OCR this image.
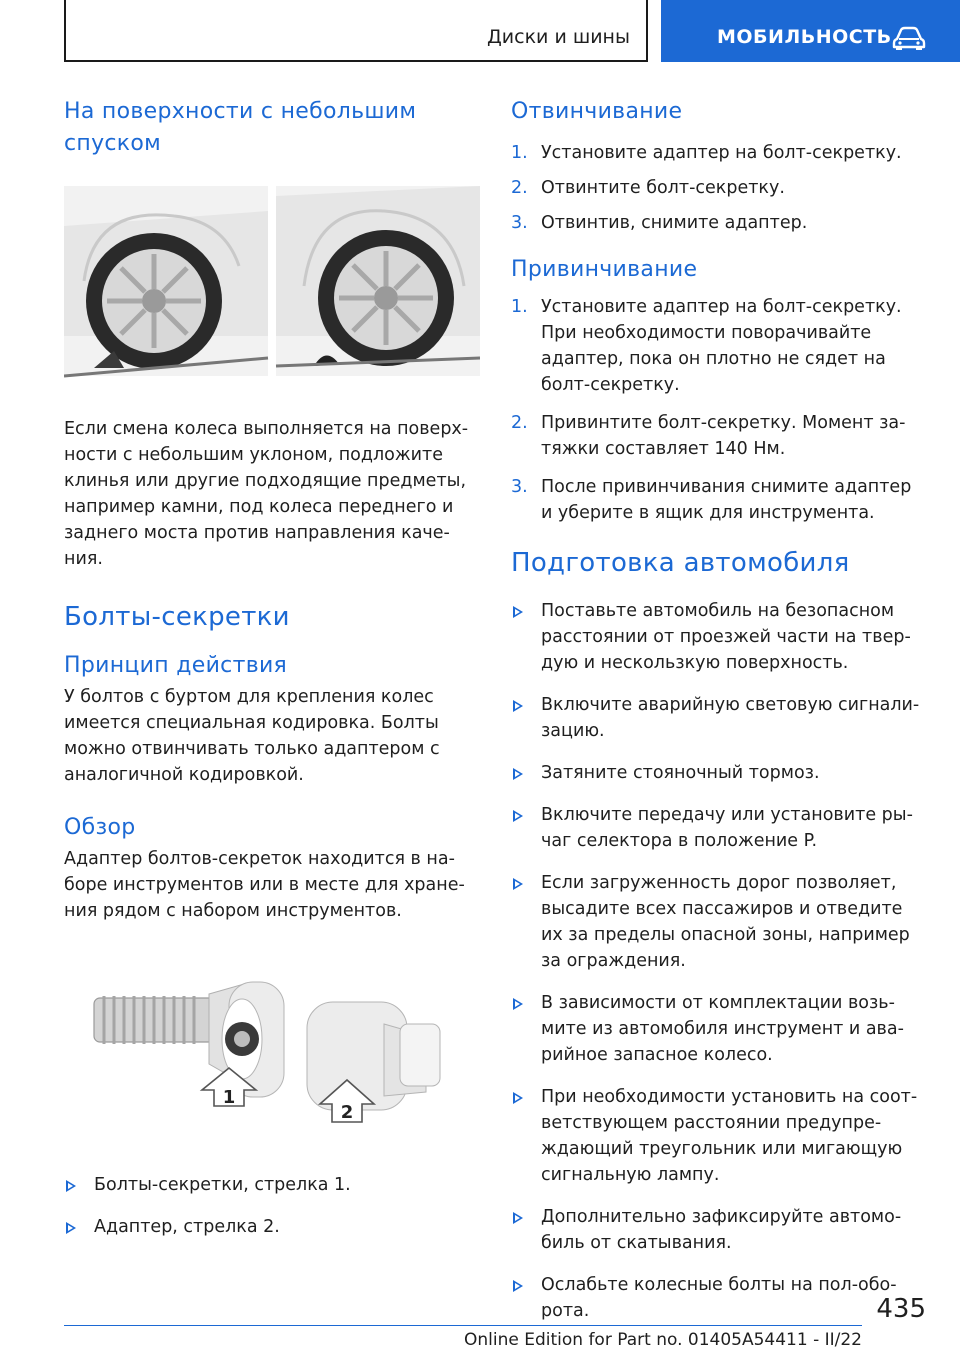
Диски и шины	МОБИЛЬНОСТЬ
На поверхности с небольшим спуском

Если смена колеса выполняется на поверхности с небольшим уклоном, подложите клинья или другие подходящие предметы, например камни, под колеса переднего и заднего моста против направления качения.

Болты-секретки
Принцип действия

У болтов с буртом для крепления колес имеется специальная кодировка. Болты можно отвинчивать только адаптером с аналогичной кодировкой.

Обзор

Адаптер болтов-секреток находится в наборе инструментов или в месте для хранения рядом с набором инструментов.

1
2
Болты-секретки, стрелка 1.
Адаптер, стрелка 2.
Отвинчивание
1. Установите адаптер на болт-секретку.
2. Отвинтите болт-секретку.
3. Отвинтив, снимите адаптер.
Привинчивание
1. Установите адаптер на болт-секретку. При необходимости поворачивайте адаптер, пока он плотно не сядет на болт-секретку.
2. Привинтите болт-секретку. Момент затяжки составляет 140 Нм.
3. После привинчивания снимите адаптер и уберите в ящик для инструмента.
Подготовка автомобиля
Поставьте автомобиль на безопасном расстоянии от проезжей части на твердую и нескользкую поверхность.
Включите аварийную световую сигнализацию.
Затяните стояночный тормоз.
Включите передачу или установите рычаг селектора в положение P.
Если загруженность дорог позволяет, высадите всех пассажиров и отведите их за пределы опасной зоны, например за ограждения.
В зависимости от комплектации возьмите из автомобиля инструмент и аварийное запасное колесо.
При необходимости установить на соответствующем расстоянии предупреждающий треугольник или мигающую сигнальную лампу.
Дополнительно зафиксируйте автомобиль от скатывания.
Ослабьте колесные болты на пол-оборота.	435
Online Edition for Part no. 01405A54411 - II/22
